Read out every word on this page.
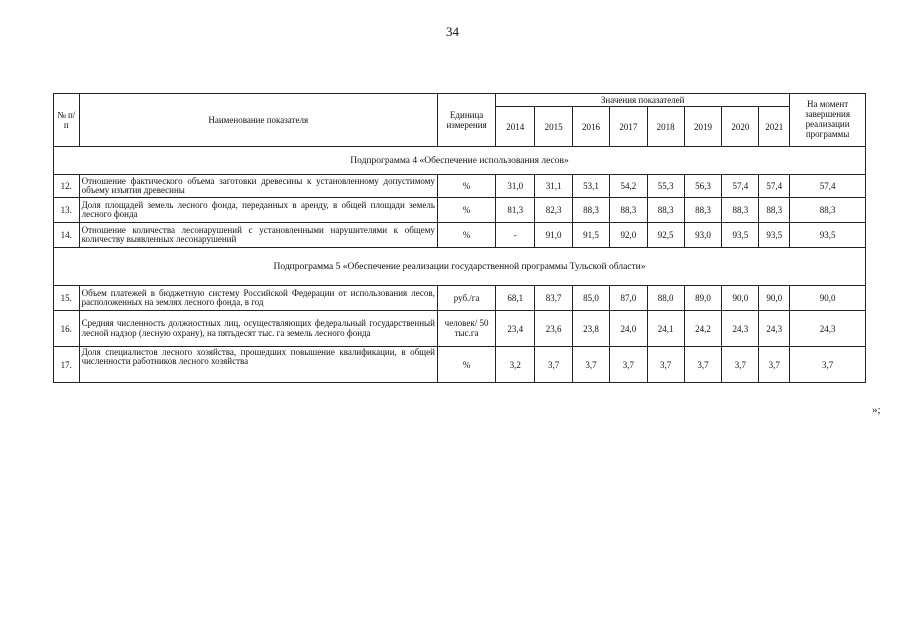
34
№ п/п	Наименование показателя	Единица измерения	Значения показателей								На момент завершения реализации программы
			2014	2015	2016	2017	2018	2019	2020	2021	
Подпрограмма 4 «Обеспечение использования лесов»											
12.	Отношение фактического объема заготовки древесины к установленному допустимому объему изъятия древесины	%	31,0	31,1	53,1	54,2	55,3	56,3	57,4	57,4	57,4
13.	Доля площадей земель лесного фонда, переданных в аренду, в общей площади земель лесного фонда	%	81,3	82,3	88,3	88,3	88,3	88,3	88,3	88,3	88,3
14.	Отношение количества лесонарушений с установленными нарушителями к общему количеству выявленных лесонарушений	%	-	91,0	91,5	92,0	92,5	93,0	93,5	93,5	93,5
Подпрограмма 5 «Обеспечение реализации государственной программы Тульской области»											
15.	Объем платежей в бюджетную систему Российской Федерации от использования лесов, расположенных на землях лесного фонда, в год	руб./га	68,1	83,7	85,0	87,0	88,0	89,0	90,0	90,0	90,0
16.	Средняя численность должностных лиц, осуществляющих федеральный государственный лесной надзор (лесную охрану), на пятьдесят тыс. га земель лесного фонда	человек/ 50 тыс.га	23,4	23,6	23,8	24,0	24,1	24,2	24,3	24,3	24,3
17.	Доля специалистов лесного хозяйства, прошедших повышение квалификации, в общей численности работников лесного хозяйства	%	3,2	3,7	3,7	3,7	3,7	3,7	3,7	3,7	3,7
»;
